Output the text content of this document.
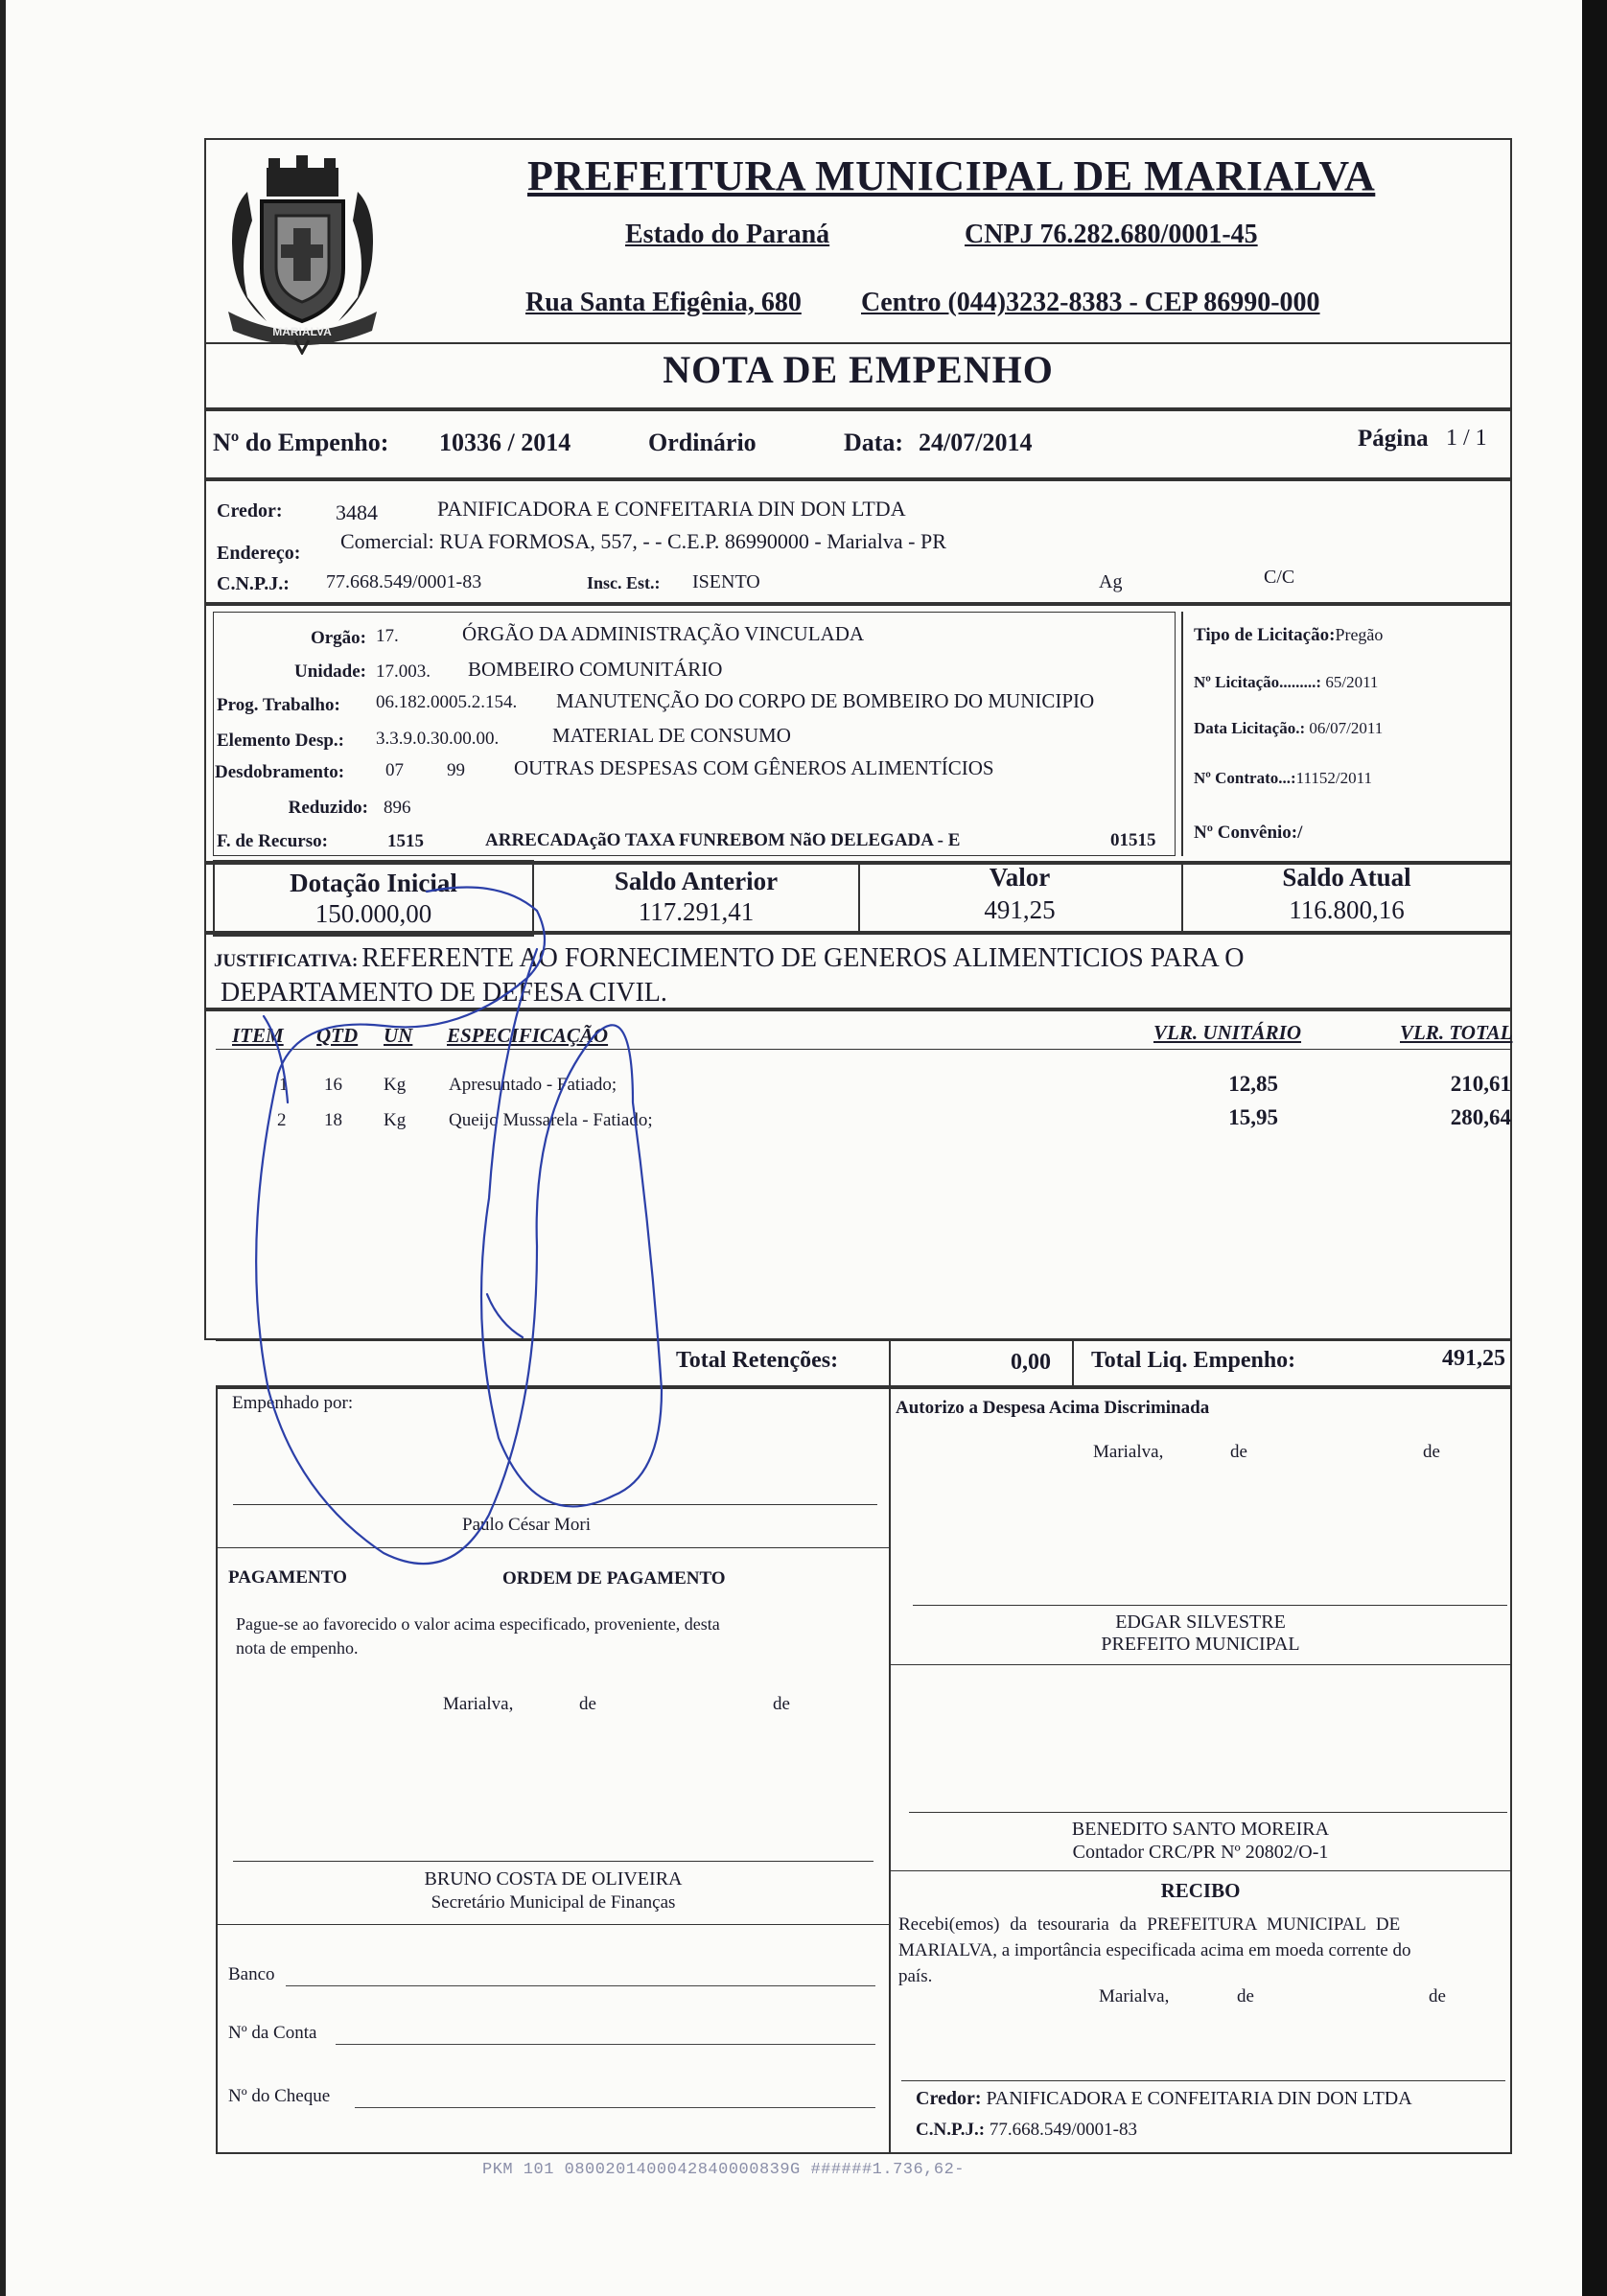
MARIALVA
PREFEITURA MUNICIPAL DE MARIALVA
Estado do Paraná	CNPJ 76.282.680/0001-45
Rua Santa Efigênia, 680 Centro (044)3232-8383 - CEP 86990-000
NOTA DE EMPENHO
Nº do Empenho: 10336 / 2014	Ordinário	Data: 24/07/2014	Página 1 / 1
Credor:	3484	PANIFICADORA E CONFEITARIA DIN DON LTDA
Endereço: Comercial: RUA FORMOSA, 557, - - C.E.P. 86990000 - Marialva - PR
C.N.P.J.: 77.668.549/0001-83	Insc. Est.: ISENTO	Ag	C/C
Orgão: 17.	ÓRGÃO DA ADMINISTRAÇÃO VINCULADA
Unidade: 17.003. BOMBEIRO COMUNITÁRIO
Prog. Trabalho: 06.182.0005.2.154. MANUTENÇÃO DO CORPO DE BOMBEIRO DO MUNICIPIO
Elemento Desp.: 3.3.9.0.30.00.00.	MATERIAL DE CONSUMO
Desdobramento: 07 99 OUTRAS DESPESAS COM GÊNEROS ALIMENTÍCIOS
Reduzido: 896
F. de Recurso:	1515	ARRECADAçãO TAXA FUNREBOM NãO DELEGADA - E	01515
Tipo de Licitação:Pregão
Nº Licitação.........: 65/2011
Data Licitação.: 06/07/2011
Nº Contrato...:11152/2011
Nº Convênio:/
Dotação Inicial
150.000,00
Saldo Anterior
117.291,41
Valor
491,25
Saldo Atual
116.800,16
JUSTIFICATIVA: REFERENTE AO FORNECIMENTO DE GENEROS ALIMENTICIOS PARA O
DEPARTAMENTO DE DEFESA CIVIL.
ITEM QTD UN ESPECIFICAÇÃO	VLR. UNITÁRIO	VLR. TOTAL
1 16 Kg Apresuntado - Fatiado;	12,85	210,61
2 18 Kg Queijo Mussarela - Fatiado;	15,95	280,64
Total Retenções:	0,00 Total Liq. Empenho:	491,25
Empenhado por:
Paulo César Mori
PAGAMENTO	ORDEM DE PAGAMENTO
Pague-se ao favorecido o valor acima especificado, proveniente, desta
nota de empenho.
Marialva,	de	de
BRUNO COSTA DE OLIVEIRA
Secretário Municipal de Finanças
Banco
Nº da Conta
Nº do Cheque
Autorizo a Despesa Acima Discriminada
Marialva,	de	de
EDGAR SILVESTRE
PREFEITO MUNICIPAL
BENEDITO SANTO MOREIRA
Contador CRC/PR Nº 20802/O-1
RECIBO
Recebi(emos) da tesouraria da PREFEITURA MUNICIPAL DE
MARIALVA, a importância especificada acima em moeda corrente do
país.
Marialva,	de	de
Credor: PANIFICADORA E CONFEITARIA DIN DON LTDA
C.N.P.J.: 77.668.549/0001-83
PKM 101 0800201400042840000839G ######1.736,62-
